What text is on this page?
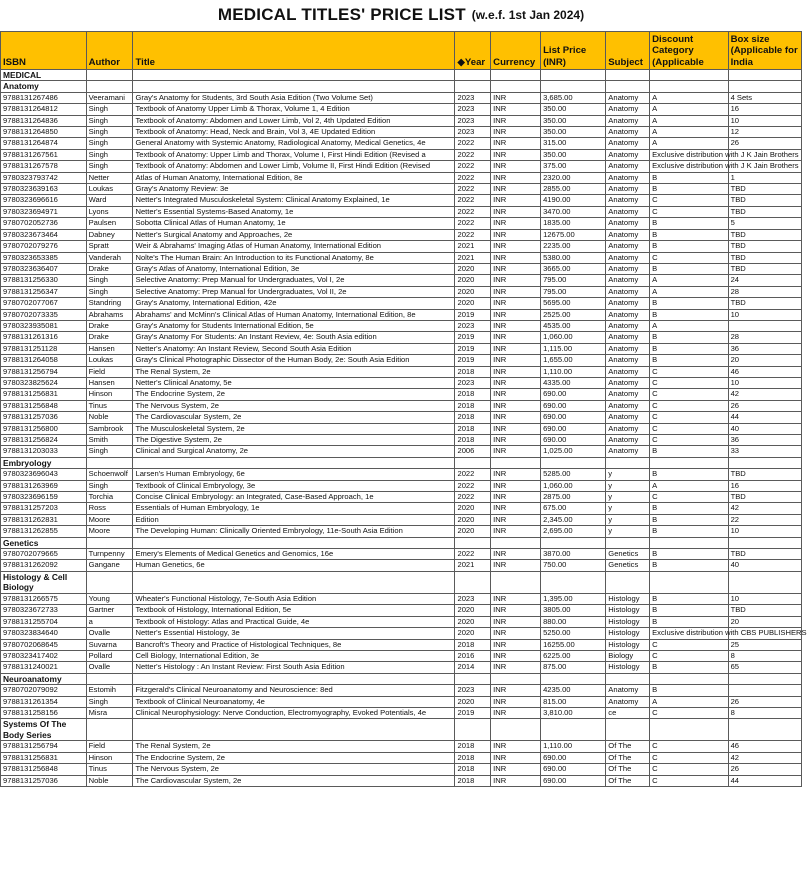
MEDICAL TITLES' PRICE LIST (w.e.f. 1st Jan 2024)
ISBN	Author	Title	◆Year	Currency	List Price (INR)	Subject	Discount Category (Applicable	Box size (Applicable for India
MEDICAL								
Anatomy								
9788131267486	Veeramani	Gray's Anatomy for Students, 3rd South Asia Edition (Two Volume Set)	2023	INR	3,685.00	Anatomy	A	4 Sets
9788131264812	Singh	Textbook of Anatomy Upper Limb & Thorax, Volume 1, 4 Edition	2023	INR	350.00	Anatomy	A	16
9788131264836	Singh	Textbook of Anatomy: Abdomen and Lower Limb, Vol 2, 4th Updated Edition	2023	INR	350.00	Anatomy	A	10
9788131264850	Singh	Textbook of Anatomy: Head, Neck and Brain, Vol 3, 4E Updated Edition	2023	INR	350.00	Anatomy	A	12
9788131264874	Singh	General Anatomy with Systemic Anatomy, Radiological Anatomy, Medical Genetics, 4e	2022	INR	315.00	Anatomy	A	26
9788131267561	Singh	Textbook of Anatomy: Upper Limb and Thorax, Volume I, First Hindi Edition (Revised a	2022	INR	350.00	Anatomy	Exclusive distribution with J K Jain Brothers	
9788131267578	Singh	Textbook of Anatomy: Abdomen and Lower Limb, Volume II, First Hindi Edition (Revised	2022	INR	375.00	Anatomy	Exclusive distribution with J K Jain Brothers	
9780323793742	Netter	Atlas of Human Anatomy, International Edition, 8e	2022	INR	2320.00	Anatomy	B	1
9780323639163	Loukas	Gray's Anatomy Review: 3e	2022	INR	2855.00	Anatomy	B	TBD
9780323696616	Ward	Netter's Integrated Musculoskeletal System: Clinical Anatomy Explained, 1e	2022	INR	4190.00	Anatomy	C	TBD
9780323694971	Lyons	Netter's Essential Systems-Based Anatomy, 1e	2022	INR	3470.00	Anatomy	C	TBD
9780702052736	Paulsen	Sobotta Clinical Atlas of Human Anatomy, 1e	2022	INR	1835.00	Anatomy	B	5
9780323673464	Dabney	Netter's Surgical Anatomy and Approaches, 2e	2022	INR	12675.00	Anatomy	B	TBD
9780702079276	Spratt	Weir & Abrahams' Imaging Atlas of Human Anatomy, International Edition	2021	INR	2235.00	Anatomy	B	TBD
9780323653385	Vanderah	Nolte's The Human Brain: An Introduction to its Functional Anatomy, 8e	2021	INR	5380.00	Anatomy	C	TBD
9780323636407	Drake	Gray's Atlas of Anatomy, International Edition, 3e	2020	INR	3665.00	Anatomy	B	TBD
9788131256330	Singh	Selective Anatomy: Prep Manual for Undergraduates, Vol I, 2e	2020	INR	795.00	Anatomy	A	24
9788131256347	Singh	Selective Anatomy: Prep Manual for Undergraduates, Vol II, 2e	2020	INR	795.00	Anatomy	A	28
9780702077067	Standring	Gray's Anatomy, International Edition, 42e	2020	INR	5695.00	Anatomy	B	TBD
9780702073335	Abrahams	Abrahams' and McMinn's Clinical Atlas of Human Anatomy, International Edition, 8e	2019	INR	2525.00	Anatomy	B	10
9780323935081	Drake	Gray's Anatomy for Students International Edition, 5e	2023	INR	4535.00	Anatomy	A	
9788131261316	Drake	Gray's Anatomy For Students: An Instant Review, 4e: South Asia edition	2019	INR	1,060.00	Anatomy	B	28
9788131251128	Hansen	Netter's Anatomy: An Instant Review, Second South Asia Edition	2019	INR	1,115.00	Anatomy	B	36
9788131264058	Loukas	Gray's Clinical Photographic Dissector of the Human Body, 2e: South Asia Edition	2019	INR	1,655.00	Anatomy	B	20
9788131256794	Field	The Renal System, 2e	2018	INR	1,110.00	Anatomy	C	46
9780323825624	Hansen	Netter's Clinical Anatomy, 5e	2023	INR	4335.00	Anatomy	C	10
9788131256831	Hinson	The Endocrine System, 2e	2018	INR	690.00	Anatomy	C	42
9788131256848	Tinus	The Nervous System, 2e	2018	INR	690.00	Anatomy	C	26
9788131257036	Noble	The Cardiovascular System, 2e	2018	INR	690.00	Anatomy	C	44
9788131256800	Sambrook	The Musculoskeletal System, 2e	2018	INR	690.00	Anatomy	C	40
9788131256824	Smith	The Digestive System, 2e	2018	INR	690.00	Anatomy	C	36
9788131203033	Singh	Clinical and Surgical Anatomy, 2e	2006	INR	1,025.00	Anatomy	B	33
Embryology								
9780323696043	Schoenwolf	Larsen's Human Embryology, 6e	2022	INR	5285.00	y	B	TBD
9788131263969	Singh	Textbook of Clinical Embryology, 3e	2022	INR	1,060.00	y	A	16
9780323696159	Torchia	Concise Clinical Embryology: an Integrated, Case-Based Approach, 1e	2022	INR	2875.00	y	C	TBD
9788131257203	Ross	Essentials of Human Embryology, 1e	2020	INR	675.00	y	B	42
9788131262831	Moore	Edition	2020	INR	2,345.00	y	B	22
9788131262855	Moore	The Developing Human: Clinically Oriented Embryology, 11e-South Asia Edition	2020	INR	2,695.00	y	B	10
Genetics								
9780702079665	Turnpenny	Emery's Elements of Medical Genetics and Genomics, 16e	2022	INR	3870.00	Genetics	B	TBD
9788131262092	Gangane	Human Genetics, 6e	2021	INR	750.00	Genetics	B	40
Histology & Cell Biology								
9788131266575	Young	Wheater's Functional Histology, 7e-South Asia Edition	2023	INR	1,395.00	Histology	B	10
9780323672733	Gartner	Textbook of Histology, International Edition, 5e	2020	INR	3805.00	Histology	B	TBD
9788131255704	a	Textbook of Histology: Atlas and Practical Guide, 4e	2020	INR	880.00	Histology	B	20
9780323834640	Ovalle	Netter's Essential Histology, 3e	2020	INR	5250.00	Histology	Exclusive distribution with CBS PUBLISHERS	
9780702068645	Suvarna	Bancroft's Theory and Practice of Histological Techniques, 8e	2018	INR	16255.00	Histology	C	25
9780323417402	Pollard	Cell Biology, International Edition, 3e	2016	INR	6225.00	Biology	C	8
9788131240021	Ovalle	Netter's Histology : An Instant Review: First South Asia Edition	2014	INR	875.00	Histology	B	65
Neuroanatomy								
9780702079092	Estomih	Fitzgerald's Clinical Neuroanatomy and Neuroscience: 8ed	2023	INR	4235.00	Anatomy	B	
9788131261354	Singh	Textbook of Clinical Neuroanatomy, 4e	2020	INR	815.00	Anatomy	A	26
9788131258156	Misra	Clinical Neurophysiology: Nerve Conduction, Electromyography, Evoked Potentials, 4e	2019	INR	3,810.00	ce	C	8
Systems Of The Body Series								
9788131256794	Field	The Renal System, 2e	2018	INR	1,110.00	Of The	C	46
9788131256831	Hinson	The Endocrine System, 2e	2018	INR	690.00	Of The	C	42
9788131256848	Tinus	The Nervous System, 2e	2018	INR	690.00	Of The	C	26
9788131257036	Noble	The Cardiovascular System, 2e	2018	INR	690.00	Of The	C	44
